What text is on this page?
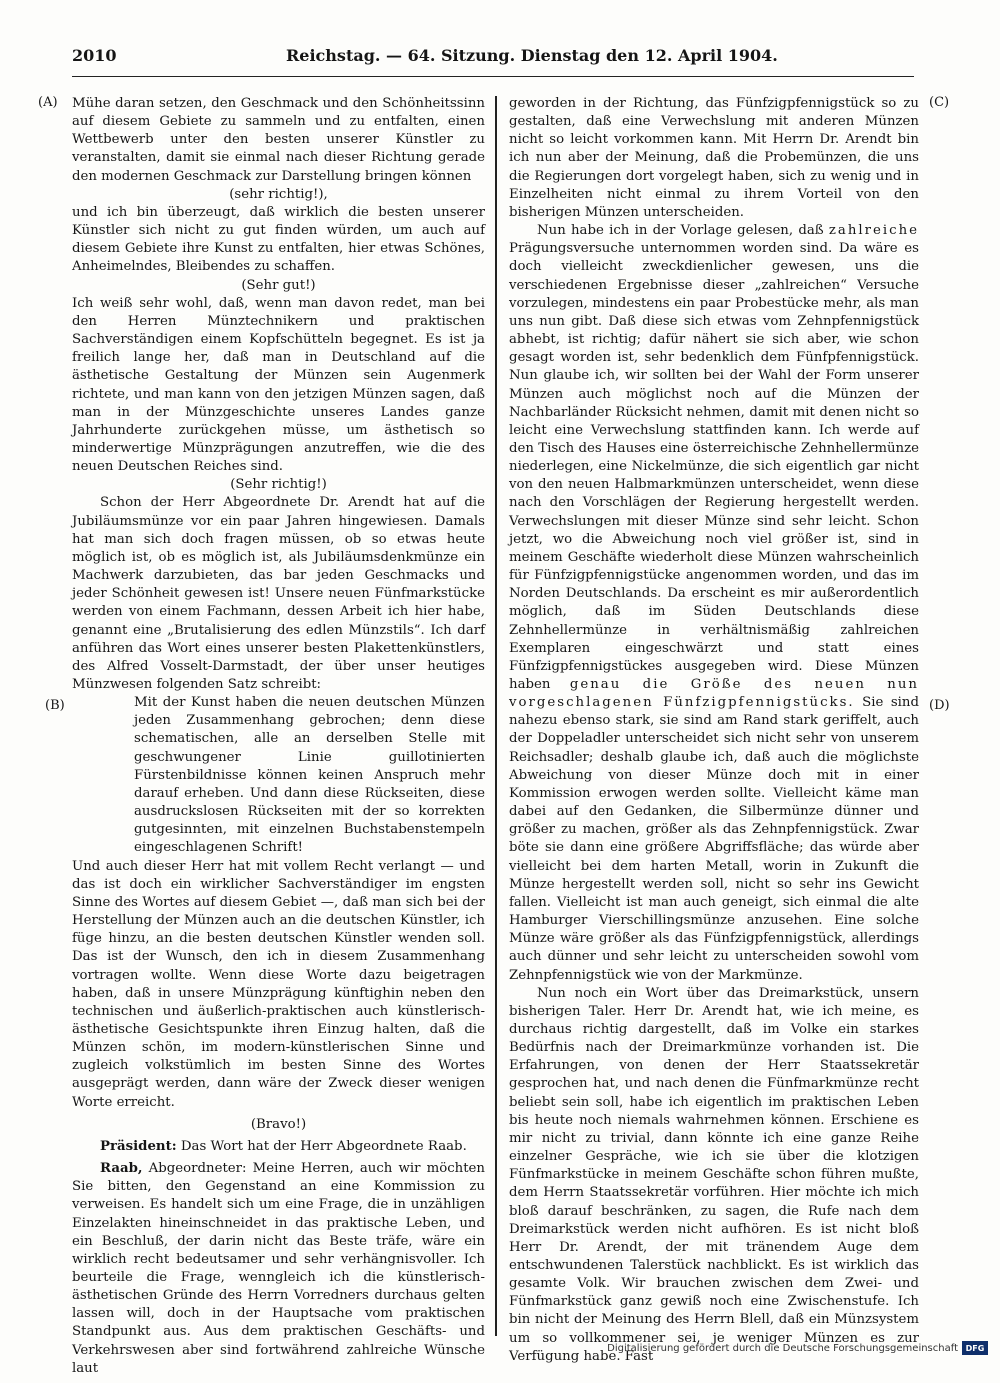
2010	Reichstag. — 64. Sitzung. Dienstag den 12. April 1904.
(A)
(B)
(C)
(D)

Mühe daran setzen, den Geschmack und den Schönheitssinn auf diesem Gebiete zu sammeln und zu entfalten, einen Wettbewerb unter den besten unserer Künstler zu veranstalten, damit sie einmal nach dieser Richtung gerade den modernen Geschmack zur Darstellung bringen können

(sehr richtig!),

und ich bin überzeugt, daß wirklich die besten unserer Künstler sich nicht zu gut finden würden, um auch auf diesem Gebiete ihre Kunst zu entfalten, hier etwas Schönes, Anheimelndes, Bleibendes zu schaffen.

(Sehr gut!)

Ich weiß sehr wohl, daß, wenn man davon redet, man bei den Herren Münztechnikern und praktischen Sachverständigen einem Kopfschütteln begegnet. Es ist ja freilich lange her, daß man in Deutschland auf die ästhetische Gestaltung der Münzen sein Augenmerk richtete, und man kann von den jetzigen Münzen sagen, daß man in der Münzgeschichte unseres Landes ganze Jahrhunderte zurückgehen müsse, um ästhetisch so minderwertige Münzprägungen anzutreffen, wie die des neuen Deutschen Reiches sind.

(Sehr richtig!)

Schon der Herr Abgeordnete Dr. Arendt hat auf die Jubiläumsmünze vor ein paar Jahren hingewiesen. Damals hat man sich doch fragen müssen, ob so etwas heute möglich ist, ob es möglich ist, als Jubiläumsdenkmünze ein Machwerk darzubieten, das bar jeden Geschmacks und jeder Schönheit gewesen ist! Unsere neuen Fünfmarkstücke werden von einem Fachmann, dessen Arbeit ich hier habe, genannt eine „Brutalisierung des edlen Münzstils“. Ich darf anführen das Wort eines unserer besten Plakettenkünstlers, des Alfred Vosselt-Darmstadt, der über unser heutiges Münzwesen folgenden Satz schreibt:

Mit der Kunst haben die neuen deutschen Münzen jeden Zusammenhang gebrochen; denn diese schematischen, alle an derselben Stelle mit geschwungener Linie guillotinierten Fürstenbildnisse können keinen Anspruch mehr darauf erheben. Und dann diese Rückseiten, diese ausdruckslosen Rückseiten mit der so korrekten gutgesinnten, mit einzelnen Buchstabenstempeln eingeschlagenen Schrift!

Und auch dieser Herr hat mit vollem Recht verlangt — und das ist doch ein wirklicher Sachverständiger im engsten Sinne des Wortes auf diesem Gebiet —, daß man sich bei der Herstellung der Münzen auch an die deutschen Künstler, ich füge hinzu, an die besten deutschen Künstler wenden soll. Das ist der Wunsch, den ich in diesem Zusammenhang vortragen wollte. Wenn diese Worte dazu beigetragen haben, daß in unsere Münzprägung künftighin neben den technischen und äußerlich-praktischen auch künstlerisch-ästhetische Gesichtspunkte ihren Einzug halten, daß die Münzen schön, im modern-künstlerischen Sinne und zugleich volkstümlich im besten Sinne des Wortes ausgeprägt werden, dann wäre der Zweck dieser wenigen Worte erreicht.

(Bravo!)

Präsident: Das Wort hat der Herr Abgeordnete Raab.

Raab, Abgeordneter: Meine Herren, auch wir möchten Sie bitten, den Gegenstand an eine Kommission zu verweisen. Es handelt sich um eine Frage, die in unzähligen Einzelakten hineinschneidet in das praktische Leben, und ein Beschluß, der darin nicht das Beste träfe, wäre ein wirklich recht bedeutsamer und sehr verhängnisvoller. Ich beurteile die Frage, wenngleich ich die künstlerisch-ästhetischen Gründe des Herrn Vorredners durchaus gelten lassen will, doch in der Hauptsache vom praktischen Standpunkt aus. Aus dem praktischen Geschäfts- und Verkehrswesen aber sind fortwährend zahlreiche Wünsche laut

geworden in der Richtung, das Fünfzigpfennigstück so zu gestalten, daß eine Verwechslung mit anderen Münzen nicht so leicht vorkommen kann. Mit Herrn Dr. Arendt bin ich nun aber der Meinung, daß die Probemünzen, die uns die Regierungen dort vorgelegt haben, sich zu wenig und in Einzelheiten nicht einmal zu ihrem Vorteil von den bisherigen Münzen unterscheiden.

Nun habe ich in der Vorlage gelesen, daß zahlreiche Prägungsversuche unternommen worden sind. Da wäre es doch vielleicht zweckdienlicher gewesen, uns die verschiedenen Ergebnisse dieser „zahlreichen“ Versuche vorzulegen, mindestens ein paar Probestücke mehr, als man uns nun gibt. Daß diese sich etwas vom Zehnpfennigstück abhebt, ist richtig; dafür nähert sie sich aber, wie schon gesagt worden ist, sehr bedenklich dem Fünfpfennigstück. Nun glaube ich, wir sollten bei der Wahl der Form unserer Münzen auch möglichst noch auf die Münzen der Nachbarländer Rücksicht nehmen, damit mit denen nicht so leicht eine Verwechslung stattfinden kann. Ich werde auf den Tisch des Hauses eine österreichische Zehnhellermünze niederlegen, eine Nickelmünze, die sich eigentlich gar nicht von den neuen Halbmarkmünzen unterscheidet, wenn diese nach den Vorschlägen der Regierung hergestellt werden. Verwechslungen mit dieser Münze sind sehr leicht. Schon jetzt, wo die Abweichung noch viel größer ist, sind in meinem Geschäfte wiederholt diese Münzen wahrscheinlich für Fünfzigpfennigstücke angenommen worden, und das im Norden Deutschlands. Da erscheint es mir außerordentlich möglich, daß im Süden Deutschlands diese Zehnhellermünze in verhältnismäßig zahlreichen Exemplaren eingeschwärzt und statt eines Fünfzigpfennigstückes ausgegeben wird. Diese Münzen haben genau die Größe des neuen nun vorgeschlagenen Fünfzigpfennigstücks. Sie sind nahezu ebenso stark, sie sind am Rand stark geriffelt, auch der Doppeladler unterscheidet sich nicht sehr von unserem Reichsadler; deshalb glaube ich, daß auch die möglichste Abweichung von dieser Münze doch mit in einer Kommission erwogen werden sollte. Vielleicht käme man dabei auf den Gedanken, die Silbermünze dünner und größer zu machen, größer als das Zehnpfennigstück. Zwar böte sie dann eine größere Abgriffsfläche; das würde aber vielleicht bei dem harten Metall, worin in Zukunft die Münze hergestellt werden soll, nicht so sehr ins Gewicht fallen. Vielleicht ist man auch geneigt, sich einmal die alte Hamburger Vierschillingsmünze anzusehen. Eine solche Münze wäre größer als das Fünfzigpfennigstück, allerdings auch dünner und sehr leicht zu unterscheiden sowohl vom Zehnpfennigstück wie von der Markmünze.

Nun noch ein Wort über das Dreimarkstück, unsern bisherigen Taler. Herr Dr. Arendt hat, wie ich meine, es durchaus richtig dargestellt, daß im Volke ein starkes Bedürfnis nach der Dreimarkmünze vorhanden ist. Die Erfahrungen, von denen der Herr Staatssekretär gesprochen hat, und nach denen die Fünfmarkmünze recht beliebt sein soll, habe ich eigentlich im praktischen Leben bis heute noch niemals wahrnehmen können. Erschiene es mir nicht zu trivial, dann könnte ich eine ganze Reihe einzelner Gespräche, wie ich sie über die klotzigen Fünfmarkstücke in meinem Geschäfte schon führen mußte, dem Herrn Staatssekretär vorführen. Hier möchte ich mich bloß darauf beschränken, zu sagen, die Rufe nach dem Dreimarkstück werden nicht aufhören. Es ist nicht bloß Herr Dr. Arendt, der mit tränendem Auge dem entschwundenen Talerstück nachblickt. Es ist wirklich das gesamte Volk. Wir brauchen zwischen dem Zwei- und Fünfmarkstück ganz gewiß noch eine Zwischenstufe. Ich bin nicht der Meinung des Herrn Blell, daß ein Münzsystem um so vollkommener sei, je weniger Münzen es zur Verfügung habe. Fast

Digitalisierung gefördert durch die Deutsche Forschungsgemeinschaft DFG
